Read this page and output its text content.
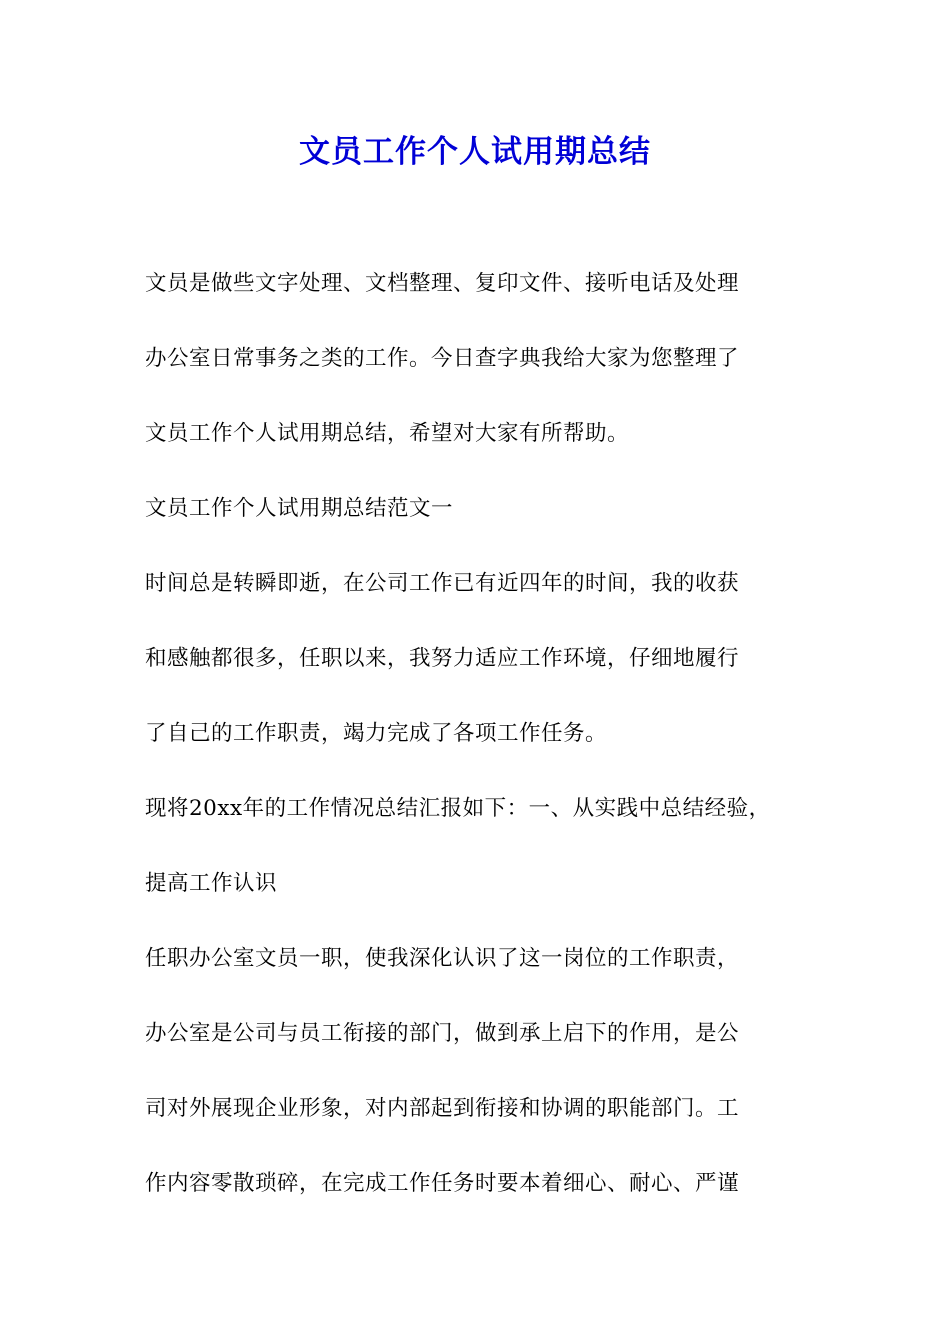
文员工作个人试用期总结
文员是做些文字处理、文档整理、复印文件、接听电话及处理
办公室日常事务之类的工作。今日查字典我给大家为您整理了
文员工作个人试用期总结，希望对大家有所帮助。
文员工作个人试用期总结范文一
时间总是转瞬即逝，在公司工作已有近四年的时间，我的收获
和感触都很多，任职以来，我努力适应工作环境，仔细地履行
了自己的工作职责，竭力完成了各项工作任务。
现将20xx年的工作情况总结汇报如下：一、从实践中总结经验，
提高工作认识
任职办公室文员一职，使我深化认识了这一岗位的工作职责，
办公室是公司与员工衔接的部门，做到承上启下的作用，是公
司对外展现企业形象，对内部起到衔接和协调的职能部门。工
作内容零散琐碎，在完成工作任务时要本着细心、耐心、严谨
